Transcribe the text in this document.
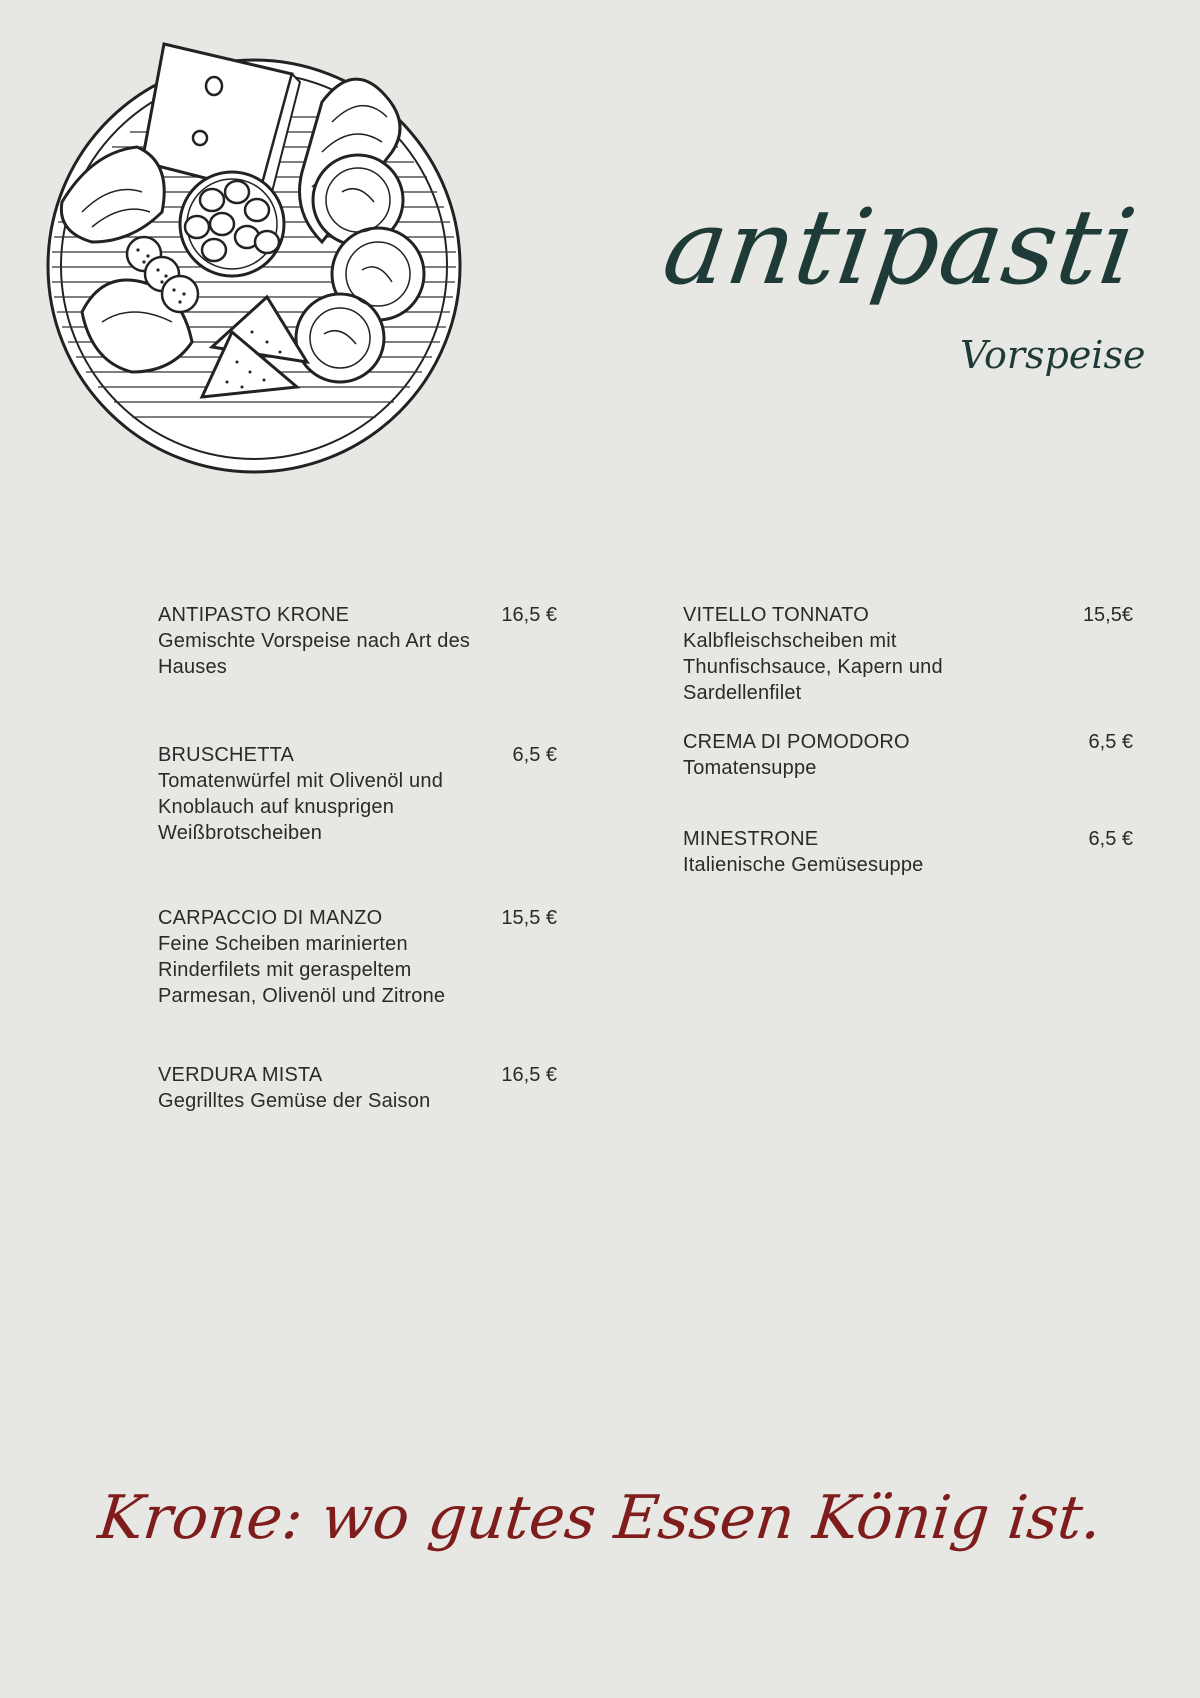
antipasti
Vorspeise
ANTIPASTO KRONE
Gemischte Vorspeise nach Art des Hauses
16,5 €
BRUSCHETTA
Tomatenwürfel mit Olivenöl und Knoblauch auf knusprigen Weißbrotscheiben
6,5 €
CARPACCIO DI MANZO
Feine Scheiben marinierten Rinderfilets mit geraspeltem Parmesan, Olivenöl und Zitrone
15,5 €
VERDURA MISTA
Gegrilltes Gemüse der Saison
16,5 €
VITELLO TONNATO
Kalbfleischscheiben mit Thunfischsauce, Kapern und Sardellenfilet
15,5€
CREMA DI POMODORO
Tomatensuppe
6,5 €
MINESTRONE
Italienische Gemüsesuppe
6,5 €
Krone: wo gutes Essen König ist.
